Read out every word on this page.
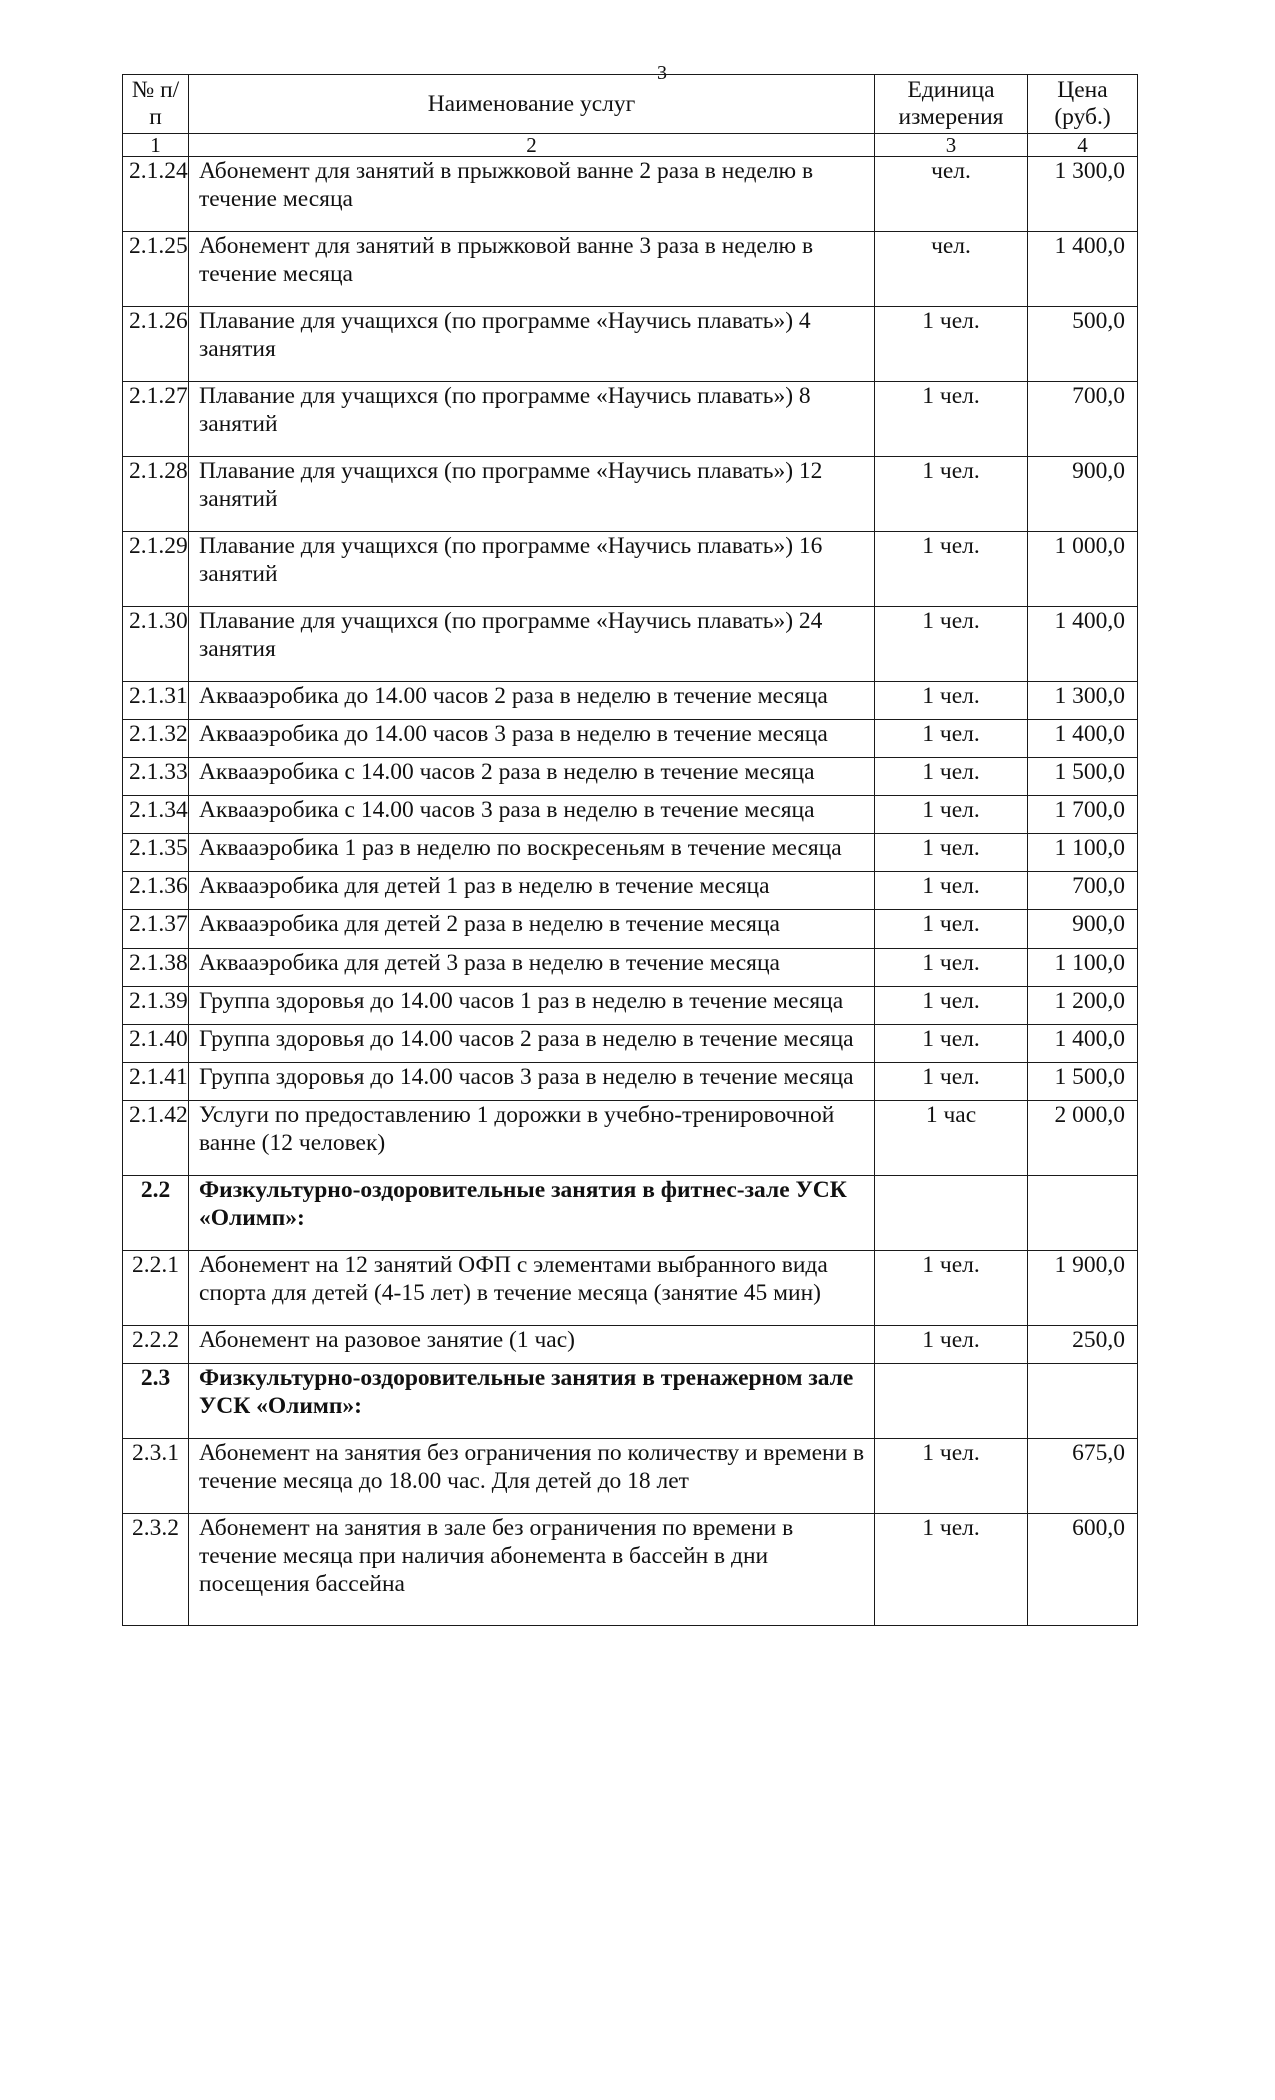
3
№ п/п	Наименование услуг	Единица измерения	Цена (руб.)
1	2	3	4
2.1.24	Абонемент для занятий в прыжковой ванне 2 раза в неделю в течение месяца	чел.	1 300,0
2.1.25	Абонемент для занятий в прыжковой ванне 3 раза в неделю в течение месяца	чел.	1 400,0
2.1.26	Плавание для учащихся (по программе «Научись плавать») 4 занятия	1 чел.	500,0
2.1.27	Плавание для учащихся (по программе «Научись плавать») 8 занятий	1 чел.	700,0
2.1.28	Плавание для учащихся (по программе «Научись плавать») 12 занятий	1 чел.	900,0
2.1.29	Плавание для учащихся (по программе «Научись плавать») 16 занятий	1 чел.	1 000,0
2.1.30	Плавание для учащихся (по программе «Научись плавать») 24 занятия	1 чел.	1 400,0
2.1.31	Аквааэробика до 14.00 часов 2 раза в неделю в течение месяца	1 чел.	1 300,0
2.1.32	Аквааэробика до 14.00 часов 3 раза в неделю в течение месяца	1 чел.	1 400,0
2.1.33	Аквааэробика с 14.00 часов 2 раза в неделю в течение месяца	1 чел.	1 500,0
2.1.34	Аквааэробика с 14.00 часов 3 раза в неделю в течение месяца	1 чел.	1 700,0
2.1.35	Аквааэробика 1 раз в неделю по воскресеньям в течение месяца	1 чел.	1 100,0
2.1.36	Аквааэробика для детей 1 раз в неделю в течение месяца	1 чел.	700,0
2.1.37	Аквааэробика для детей 2 раза в неделю в течение месяца	1 чел.	900,0
2.1.38	Аквааэробика для детей 3 раза в неделю в течение месяца	1 чел.	1 100,0
2.1.39	Группа здоровья до 14.00 часов 1 раз в неделю в течение месяца	1 чел.	1 200,0
2.1.40	Группа здоровья до 14.00 часов 2 раза в неделю в течение месяца	1 чел.	1 400,0
2.1.41	Группа здоровья до 14.00 часов 3 раза в неделю в течение месяца	1 чел.	1 500,0
2.1.42	Услуги по предоставлению 1 дорожки в учебно-тренировочной ванне (12 человек)	1 час	2 000,0
2.2	Физкультурно-оздоровительные занятия в фитнес-зале УСК «Олимп»:		
2.2.1	Абонемент на 12 занятий ОФП с элементами выбранного вида спорта для детей (4-15 лет) в течение месяца (занятие 45 мин)	1 чел.	1 900,0
2.2.2	Абонемент на разовое занятие (1 час)	1 чел.	250,0
2.3	Физкультурно-оздоровительные занятия в тренажерном зале УСК «Олимп»:		
2.3.1	Абонемент на занятия без ограничения по количеству и времени в течение месяца до 18.00 час. Для детей до 18 лет	1 чел.	675,0
2.3.2	Абонемент на занятия в зале без ограничения по времени в течение месяца при наличия абонемента в бассейн в дни посещения бассейна	1 чел.	600,0
